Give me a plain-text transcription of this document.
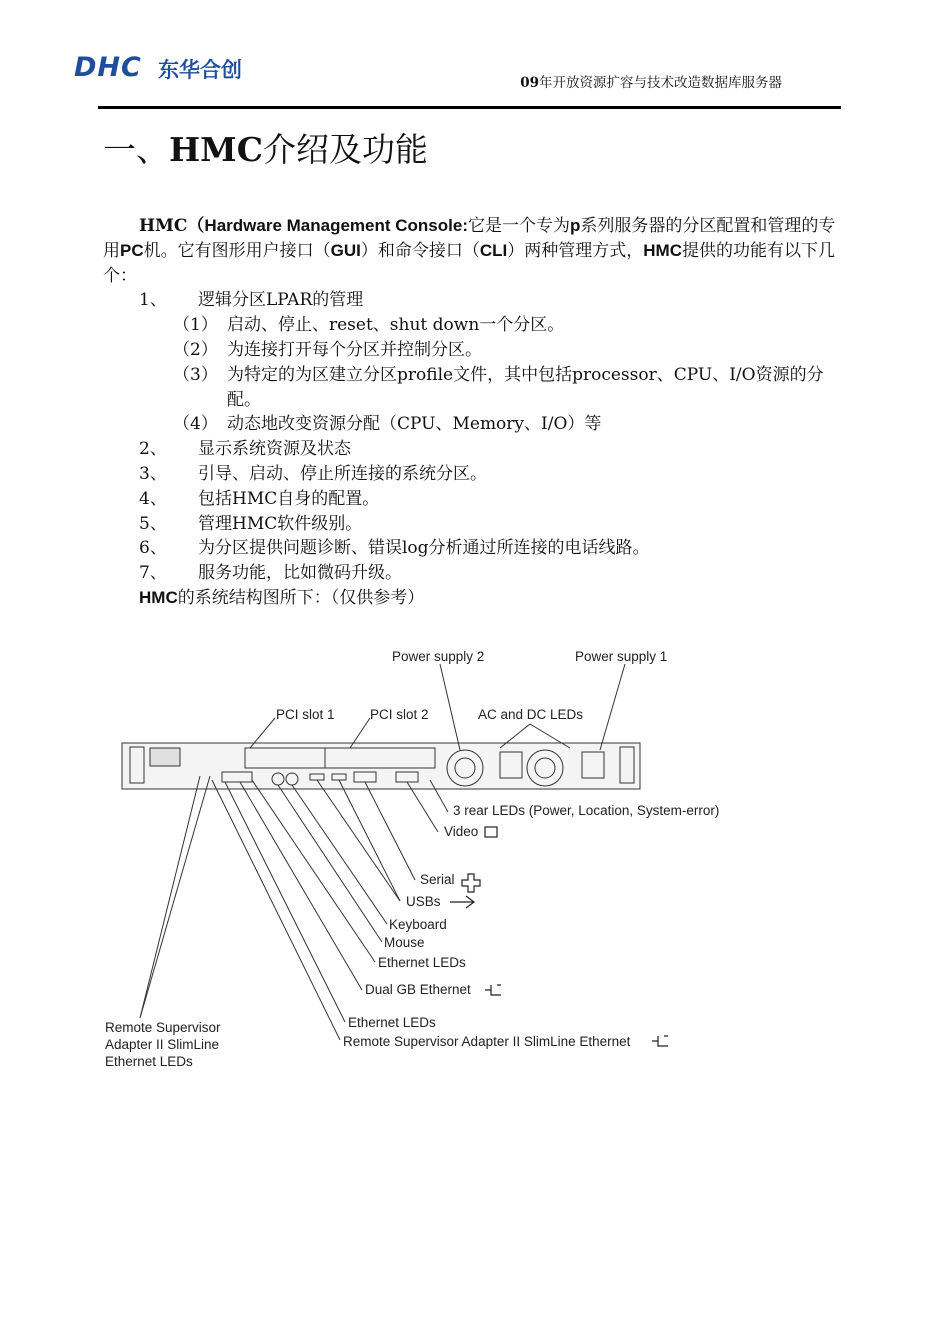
DHC 东华合创
09年开放资源扩容与技术改造数据库服务器
一、HMC介绍及功能

HMC（Hardware Management Console:它是一个专为p系列服务器的分区配置和管理的专用PC机。它有图形用户接口（GUI）和命令接口（CLI）两种管理方式，HMC提供的功能有以下几个：

1、 逻辑分区LPAR的管理

（1） 启动、停止、reset、shut down一个分区。

（2） 为连接打开每个分区并控制分区。

（3） 为特定的为区建立分区profile文件，其中包括processor、CPU、I/O资源的分配。

（4） 动态地改变资源分配（CPU、Memory、I/O）等

2、 显示系统资源及状态

3、 引导、启动、停止所连接的系统分区。

4、 包括HMC自身的配置。

5、 管理HMC软件级别。

6、 为分区提供问题诊断、错误log分析通过所连接的电话线路。

7、 服务功能，比如微码升级。

HMC的系统结构图所下：（仅供参考）

Power supply 2	Power supply 1
PCI slot 1	PCI slot 2	AC and DC LEDs
3 rear LEDs (Power, Location, System-error)
Video
Serial
USBs
Keyboard
Mouse
Ethernet LEDs
Dual GB Ethernet
Ethernet LEDs
Remote Supervisor Adapter II SlimLine Ethernet
Remote Supervisor
Adapter II SlimLine
Ethernet LEDs
